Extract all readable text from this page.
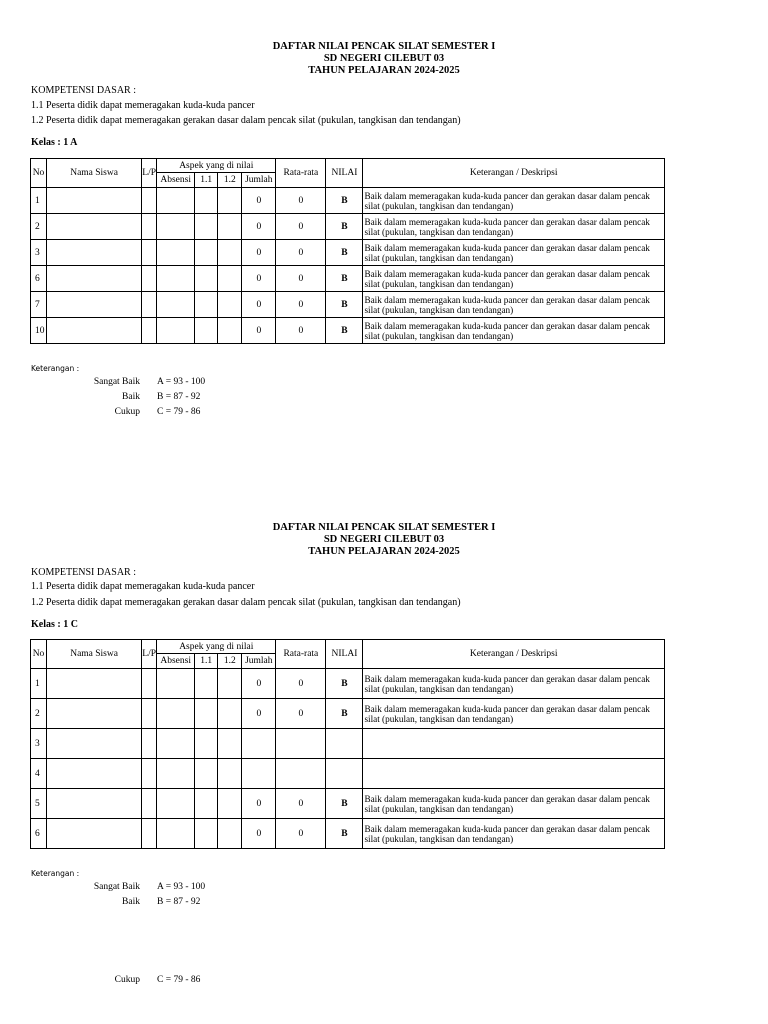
DAFTAR NILAI PENCAK SILAT SEMESTER I
SD NEGERI CILEBUT 03
TAHUN PELAJARAN 2024-2025
KOMPETENSI DASAR :
1.1 Peserta didik dapat memeragakan kuda-kuda pancer
1.2 Peserta didik dapat memeragakan gerakan dasar dalam pencak silat (pukulan, tangkisan dan tendangan)
Kelas : 1 A
No	Nama Siswa	L/P	Aspek yang di nilai				Rata-rata	NILAI	Keterangan / Deskripsi
			Absensi	1.1	1.2	Jumlah			
1						0	0	B	Baik dalam memeragakan kuda-kuda pancer dan gerakan dasar dalam pencak silat (pukulan, tangkisan dan tendangan)
2						0	0	B	Baik dalam memeragakan kuda-kuda pancer dan gerakan dasar dalam pencak silat (pukulan, tangkisan dan tendangan)
3						0	0	B	Baik dalam memeragakan kuda-kuda pancer dan gerakan dasar dalam pencak silat (pukulan, tangkisan dan tendangan)
6						0	0	B	Baik dalam memeragakan kuda-kuda pancer dan gerakan dasar dalam pencak silat (pukulan, tangkisan dan tendangan)
7						0	0	B	Baik dalam memeragakan kuda-kuda pancer dan gerakan dasar dalam pencak silat (pukulan, tangkisan dan tendangan)
10						0	0	B	Baik dalam memeragakan kuda-kuda pancer dan gerakan dasar dalam pencak silat (pukulan, tangkisan dan tendangan)
Keterangan :
Sangat Baik A = 93 - 100
Baik B = 87 - 92
Cukup C = 79 - 86
DAFTAR NILAI PENCAK SILAT SEMESTER I
SD NEGERI CILEBUT 03
TAHUN PELAJARAN 2024-2025
KOMPETENSI DASAR :
1.1 Peserta didik dapat memeragakan kuda-kuda pancer
1.2 Peserta didik dapat memeragakan gerakan dasar dalam pencak silat (pukulan, tangkisan dan tendangan)
Kelas : 1 C
No	Nama Siswa	L/P	Aspek yang di nilai				Rata-rata	NILAI	Keterangan / Deskripsi
			Absensi	1.1	1.2	Jumlah			
1						0	0	B	Baik dalam memeragakan kuda-kuda pancer dan gerakan dasar dalam pencak silat (pukulan, tangkisan dan tendangan)
2						0	0	B	Baik dalam memeragakan kuda-kuda pancer dan gerakan dasar dalam pencak silat (pukulan, tangkisan dan tendangan)
3									
4									
5						0	0	B	Baik dalam memeragakan kuda-kuda pancer dan gerakan dasar dalam pencak silat (pukulan, tangkisan dan tendangan)
6						0	0	B	Baik dalam memeragakan kuda-kuda pancer dan gerakan dasar dalam pencak silat (pukulan, tangkisan dan tendangan)
Keterangan :
Sangat Baik A = 93 - 100
Baik B = 87 - 92
Cukup C = 79 - 86
